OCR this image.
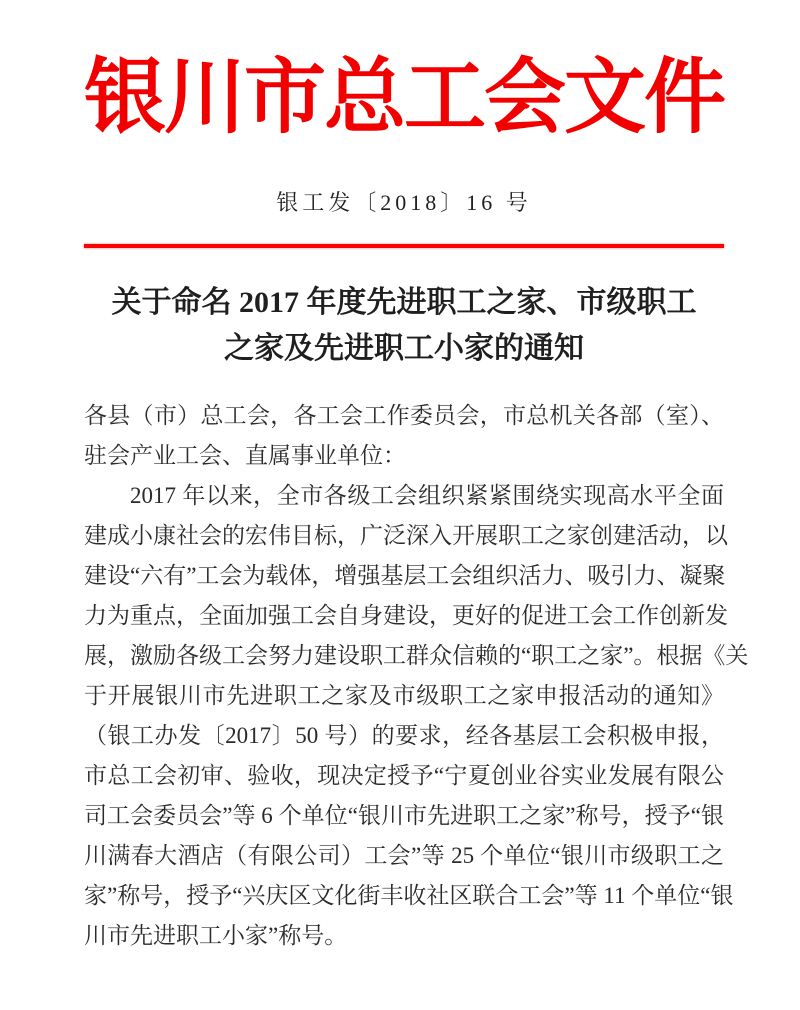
银川市总工会文件
银工发〔2018〕16 号
关于命名 2017 年度先进职工之家、市级职工
之家及先进职工小家的通知
各县（市）总工会，各工会工作委员会，市总机关各部（室）、
驻会产业工会、直属事业单位：
2017 年以来，全市各级工会组织紧紧围绕实现高水平全面
建成小康社会的宏伟目标，广泛深入开展职工之家创建活动，以
建设“六有”工会为载体，增强基层工会组织活力、吸引力、凝聚
力为重点，全面加强工会自身建设，更好的促进工会工作创新发
展，激励各级工会努力建设职工群众信赖的“职工之家”。根据《关
于开展银川市先进职工之家及市级职工之家申报活动的通知》
（银工办发〔2017〕50 号）的要求，经各基层工会积极申报，
市总工会初审、验收，现决定授予“宁夏创业谷实业发展有限公
司工会委员会”等 6 个单位“银川市先进职工之家”称号，授予“银
川满春大酒店（有限公司）工会”等 25 个单位“银川市级职工之
家”称号，授予“兴庆区文化街丰收社区联合工会”等 11 个单位“银
川市先进职工小家”称号。
